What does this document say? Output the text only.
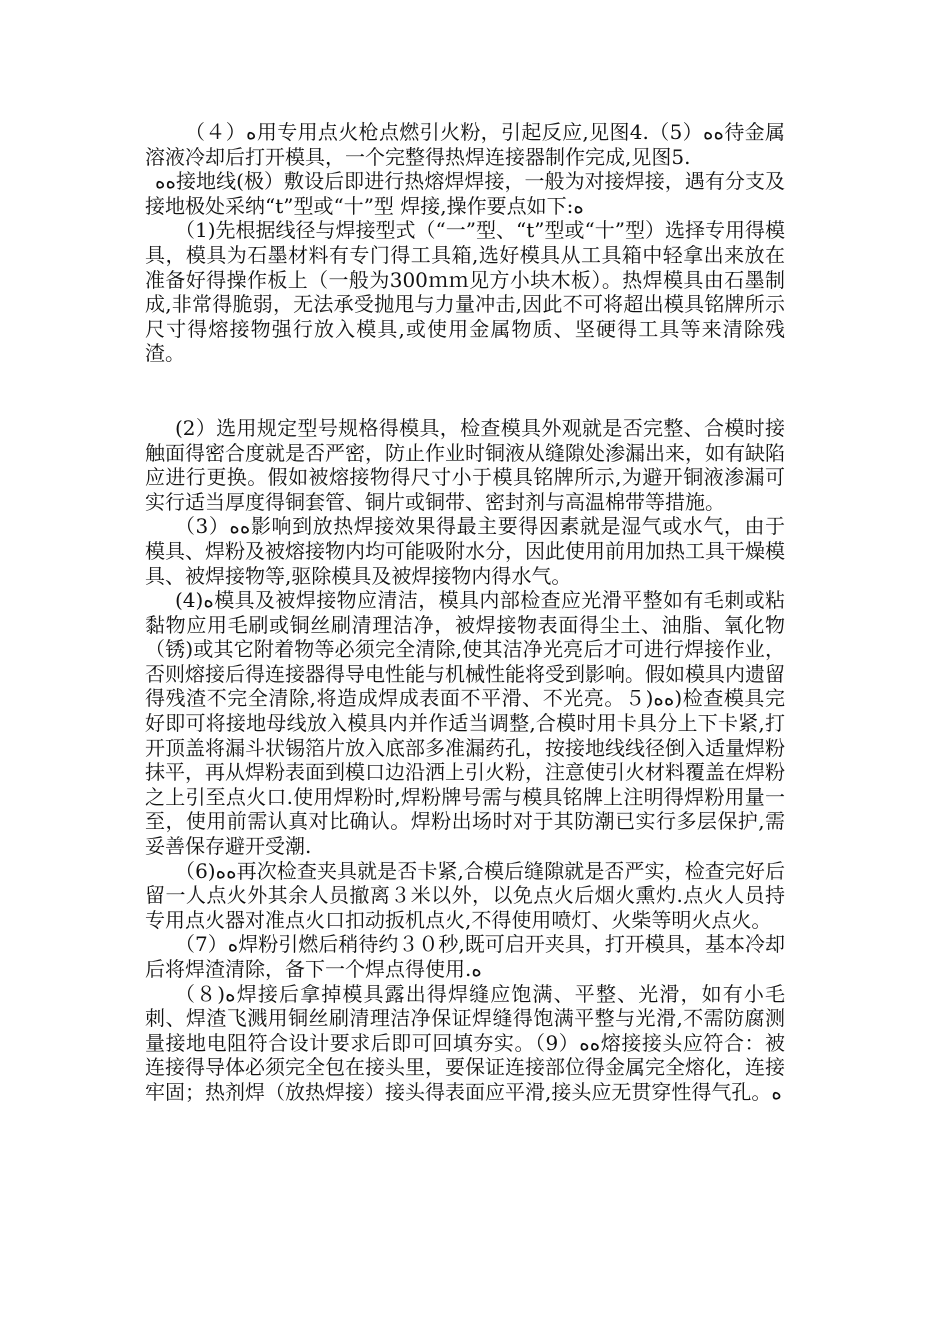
（４）ﻩ用专用点火枪点燃引火粉，引起反应,见图4.（5）ﻩﻩ待金属溶液冷却后打开模具，一个完整得热焊连接器制作完成,见图5.

ﻩﻩ接地线(极）敷设后即进行热熔焊焊接，一般为对接焊接，遇有分支及接地极处采纳“t”型或“十”型 焊接,操作要点如下:ﻩ

（1)先根据线径与焊接型式（“一”型、“t”型或“十”型）选择专用得模具，模具为石墨材料有专门得工具箱,选好模具从工具箱中轻拿出来放在准备好得操作板上（一般为300ｍｍ见方小块木板）。热焊模具由石墨制成,非常得脆弱，无法承受抛甩与力量冲击,因此不可将超出模具铭牌所示尺寸得熔接物强行放入模具,或使用金属物质、坚硬得工具等来清除残渣。

(2）选用规定型号规格得模具，检查模具外观就是否完整、合模时接触面得密合度就是否严密，防止作业时铜液从缝隙处渗漏出来，如有缺陷应进行更换。假如被熔接物得尺寸小于模具铭牌所示,为避开铜液渗漏可实行适当厚度得铜套管、铜片或铜带、密封剂与高温棉带等措施。

（3）ﻩﻩ影响到放热焊接效果得最主要得因素就是湿气或水气，由于模具、焊粉及被熔接物内均可能吸附水分，因此使用前用加热工具干燥模具、被焊接物等,驱除模具及被焊接物内得水气。

(4)ﻩ模具及被焊接物应清洁，模具内部检查应光滑平整如有毛刺或粘黏物应用毛刷或铜丝刷清理洁净，被焊接物表面得尘土、油脂、氧化物（锈)或其它附着物等必须完全清除,使其洁净光亮后才可进行焊接作业，否则熔接后得连接器得导电性能与机械性能将受到影响。假如模具内遗留得残渣不完全清除,将造成焊成表面不平滑、不光亮。５)ﻩﻩ)检查模具完好即可将接地母线放入模具内并作适当调整,合模时用卡具分上下卡紧,打开顶盖将漏斗状锡箔片放入底部多准漏药孔，按接地线线径倒入适量焊粉抹平，再从焊粉表面到模口边沿洒上引火粉，注意使引火材料覆盖在焊粉之上引至点火口.使用焊粉时,焊粉牌号需与模具铭牌上注明得焊粉用量一至，使用前需认真对比确认。焊粉出场时对于其防潮已实行多层保护,需妥善保存避开受潮.

（6)ﻩﻩ再次检查夹具就是否卡紧,合模后缝隙就是否严实，检查完好后留一人点火外其余人员撤离３米以外，以免点火后烟火熏灼.点火人员持专用点火器对准点火口扣动扳机点火,不得使用喷灯、火柴等明火点火。

（7）ﻩ焊粉引燃后稍待约３０秒,既可启开夹具，打开模具，基本冷却后将焊渣清除，备下一个焊点得使用.ﻩ

（８)ﻩ焊接后拿掉模具露出得焊缝应饱满、平整、光滑，如有小毛刺、焊渣飞溅用铜丝刷清理洁净保证焊缝得饱满平整与光滑,不需防腐测量接地电阻符合设计要求后即可回填夯实。（9）ﻩﻩ熔接接头应符合：被连接得导体必须完全包在接头里，要保证连接部位得金属完全熔化，连接牢固；热剂焊（放热焊接）接头得表面应平滑,接头应无贯穿性得气孔。ﻩ
